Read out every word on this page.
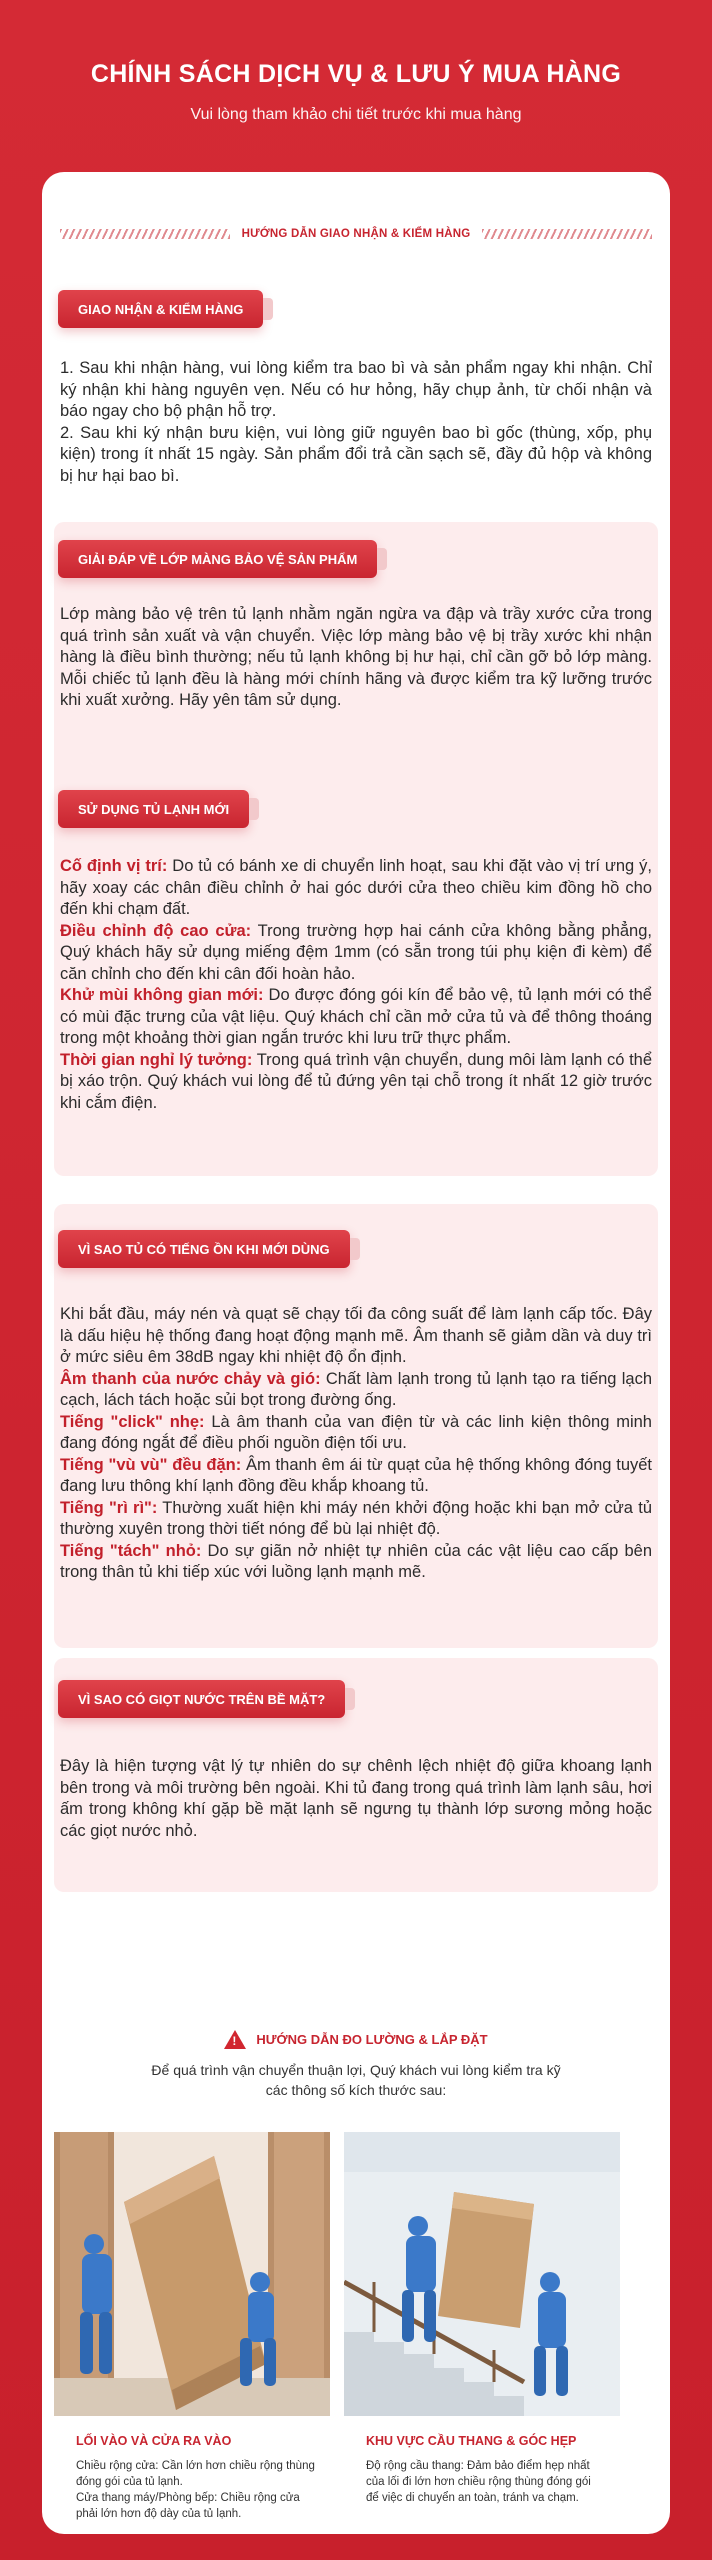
CHÍNH SÁCH DỊCH VỤ & LƯU Ý MUA HÀNG

Vui lòng tham khảo chi tiết trước khi mua hàng

HƯỚNG DẪN GIAO NHẬN & KIỂM HÀNG
GIAO NHẬN & KIỂM HÀNG

1. Sau khi nhận hàng, vui lòng kiểm tra bao bì và sản phẩm ngay khi nhận. Chỉ ký nhận khi hàng nguyên vẹn. Nếu có hư hỏng, hãy chụp ảnh, từ chối nhận và báo ngay cho bộ phận hỗ trợ.

2. Sau khi ký nhận bưu kiện, vui lòng giữ nguyên bao bì gốc (thùng, xốp, phụ kiện) trong ít nhất 15 ngày. Sản phẩm đổi trả cần sạch sẽ, đầy đủ hộp và không bị hư hại bao bì.

GIẢI ĐÁP VỀ LỚP MÀNG BẢO VỆ SẢN PHẨM

Lớp màng bảo vệ trên tủ lạnh nhằm ngăn ngừa va đập và trầy xước cửa trong quá trình sản xuất và vận chuyển. Việc lớp màng bảo vệ bị trầy xước khi nhận hàng là điều bình thường; nếu tủ lạnh không bị hư hại, chỉ cần gỡ bỏ lớp màng. Mỗi chiếc tủ lạnh đều là hàng mới chính hãng và được kiểm tra kỹ lưỡng trước khi xuất xưởng. Hãy yên tâm sử dụng.

SỬ DỤNG TỦ LẠNH MỚI

Cố định vị trí: Do tủ có bánh xe di chuyển linh hoạt, sau khi đặt vào vị trí ưng ý, hãy xoay các chân điều chỉnh ở hai góc dưới cửa theo chiều kim đồng hồ cho đến khi chạm đất.

Điều chỉnh độ cao cửa: Trong trường hợp hai cánh cửa không bằng phẳng, Quý khách hãy sử dụng miếng đệm 1mm (có sẵn trong túi phụ kiện đi kèm) để căn chỉnh cho đến khi cân đối hoàn hảo.

Khử mùi không gian mới: Do được đóng gói kín để bảo vệ, tủ lạnh mới có thể có mùi đặc trưng của vật liệu. Quý khách chỉ cần mở cửa tủ và để thông thoáng trong một khoảng thời gian ngắn trước khi lưu trữ thực phẩm.

Thời gian nghỉ lý tưởng: Trong quá trình vận chuyển, dung môi làm lạnh có thể bị xáo trộn. Quý khách vui lòng để tủ đứng yên tại chỗ trong ít nhất 12 giờ trước khi cắm điện.

VÌ SAO TỦ CÓ TIẾNG ỒN KHI MỚI DÙNG

Khi bắt đầu, máy nén và quạt sẽ chạy tối đa công suất để làm lạnh cấp tốc. Đây là dấu hiệu hệ thống đang hoạt động mạnh mẽ. Âm thanh sẽ giảm dần và duy trì ở mức siêu êm 38dB ngay khi nhiệt độ ổn định.

Âm thanh của nước chảy và gió: Chất làm lạnh trong tủ lạnh tạo ra tiếng lạch cạch, lách tách hoặc sủi bọt trong đường ống.

Tiếng "click" nhẹ: Là âm thanh của van điện từ và các linh kiện thông minh đang đóng ngắt để điều phối nguồn điện tối ưu.

Tiếng "vù vù" đều đặn: Âm thanh êm ái từ quạt của hệ thống không đóng tuyết đang lưu thông khí lạnh đồng đều khắp khoang tủ.

Tiếng "rì rì": Thường xuất hiện khi máy nén khởi động hoặc khi bạn mở cửa tủ thường xuyên trong thời tiết nóng để bù lại nhiệt độ.

Tiếng "tách" nhỏ: Do sự giãn nở nhiệt tự nhiên của các vật liệu cao cấp bên trong thân tủ khi tiếp xúc với luồng lạnh mạnh mẽ.

VÌ SAO CÓ GIỌT NƯỚC TRÊN BỀ MẶT?

Đây là hiện tượng vật lý tự nhiên do sự chênh lệch nhiệt độ giữa khoang lạnh bên trong và môi trường bên ngoài. Khi tủ đang trong quá trình làm lạnh sâu, hơi ấm trong không khí gặp bề mặt lạnh sẽ ngưng tụ thành lớp sương mỏng hoặc các giọt nước nhỏ.

!
HƯỚNG DẪN ĐO LƯỜNG & LẮP ĐẶT
Để quá trình vận chuyển thuận lợi, Quý khách vui lòng kiểm tra kỹ các thông số kích thước sau:
LỐI VÀO VÀ CỬA RA VÀO
Chiều rộng cửa: Cần lớn hơn chiều rộng thùng đóng gói của tủ lạnh.
Cửa thang máy/Phòng bếp: Chiều rộng cửa phải lớn hơn độ dày của tủ lạnh.
KHU VỰC CẦU THANG & GÓC HẸP
Độ rộng cầu thang: Đảm bảo điểm hẹp nhất của lối đi lớn hơn chiều rộng thùng đóng gói để việc di chuyển an toàn, tránh va chạm.
